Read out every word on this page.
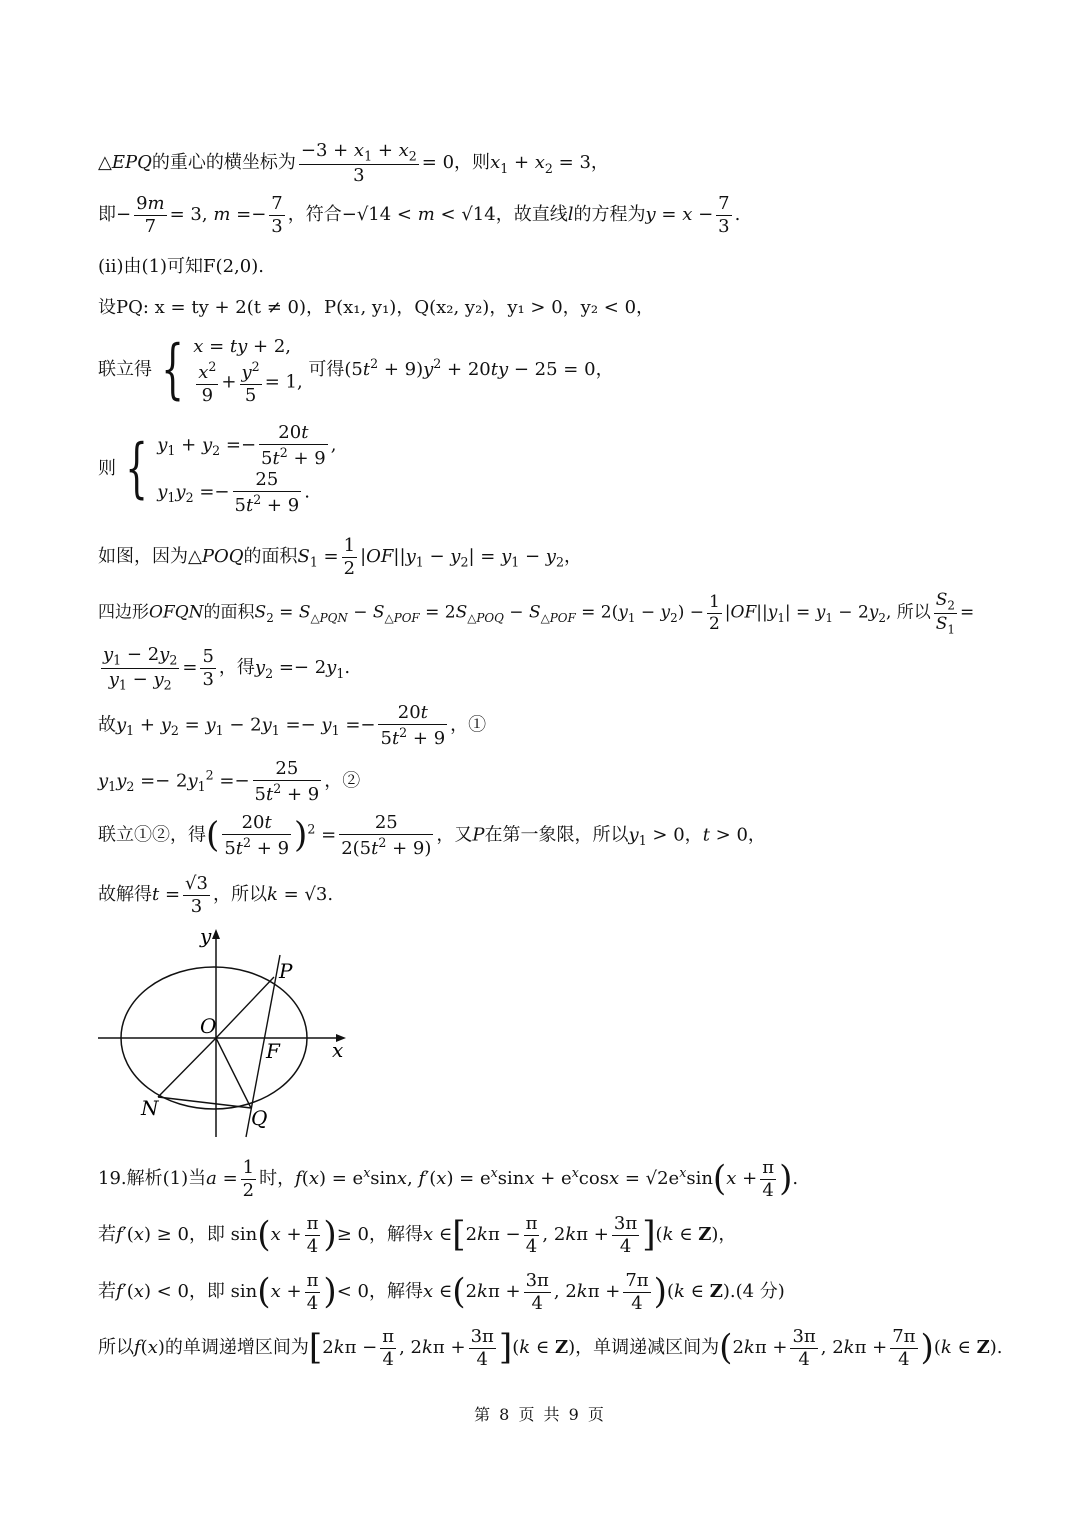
△EPQ的重心的横坐标为 $\frac{-3 + x_1 + x_2}{3} = 0$，则$x_1 + x_2 = 3$，
即− $\frac{9m}{7} = 3$, $m =- \frac{7}{3}$ ，符合−√14 < m < √14，故直线l的方程为$y = x - \frac{7}{3}$ .
(ii)由(1)可知F(2,0).
设PQ: x = ty + 2(t ≠ 0)，P(x₁, y₁)，Q(x₂, y₂)，y₁ > 0，y₂ < 0，
联立得 { x = ty + 2,
$\frac{x^2}{9} + \frac{y^2}{5} = 1$,
可得$(5t^2 + 9)y^2 + 20ty - 25 = 0$，
则 { $y_1 + y_2 =- \frac{20t}{5t^2 + 9}$ ,
$y_1y_2 =- \frac{25}{5t^2 + 9}$ .
如图，因为△POQ的面积$S_1 = \frac{1}{2} |OF||y_1 - y_2| = y_1 - y_2$，
四边形OFQN的面积$S_2 = S_{\triangle PQN} - S_{\triangle POF} = 2S_{\triangle POQ} - S_{\triangle POF} = 2(y_1 - y_2) - \frac{1}{2} |OF||y_1| = y_1 - 2y_2$, 所以 $\frac{S_2}{S_1}$ =
$\frac{y_1 - 2y_2}{y_1 - y_2} = \frac{5}{3}$ ，得$y_2 =- 2y_1$.
故$y_1 + y_2 = y_1 - 2y_1 =- y_1 =- \frac{20t}{5t^2 + 9}$ ，①
$y_1y_2 =- 2y_1^2 =- \frac{25}{5t^2 + 9}$ ，②
联立①②，得( $\frac{20t}{5t^2 + 9} )^2 = \frac{25}{2(5t^2 + 9)}$ ，又P在第一象限，所以$y_1 > 0$，t > 0，
故解得$t = \frac{√3}{3}$ ，所以k = √3.
y
x
O
P
F
N	Q
19.解析(1)当$a = \frac{1}{2}$ 时，$f(x) = e^x\sin x$, $f'(x) = e^x\sin x + e^x\cos x = √2e^x\sin(x + \frac{\pi}{4}$ ).
若f′(x) ≥ 0，即 $\sin(x + \frac{\pi}{4}$ )≥ 0，解得x ∈[2kπ − $\frac{\pi}{4}$ , $2k\pi + \frac{3\pi}{4} ](k$ ∈ Z)，
若f′(x) < 0，即 $\sin(x + \frac{\pi}{4}$ )< 0，解得x ∈(2kπ + $\frac{3\pi}{4}$ , $2k\pi + \frac{7\pi}{4} )(k$ ∈ Z).(4 分)
所以f(x)的单调递增区间为[$2k\pi - \frac{\pi}{4}$ , $2k\pi + \frac{3\pi}{4} ](k$ ∈ Z)，单调递减区间为($2k\pi + \frac{3\pi}{4}$ , $2k\pi + \frac{7\pi}{4} )(k$ ∈ Z).
第 8 页 共 9 页
